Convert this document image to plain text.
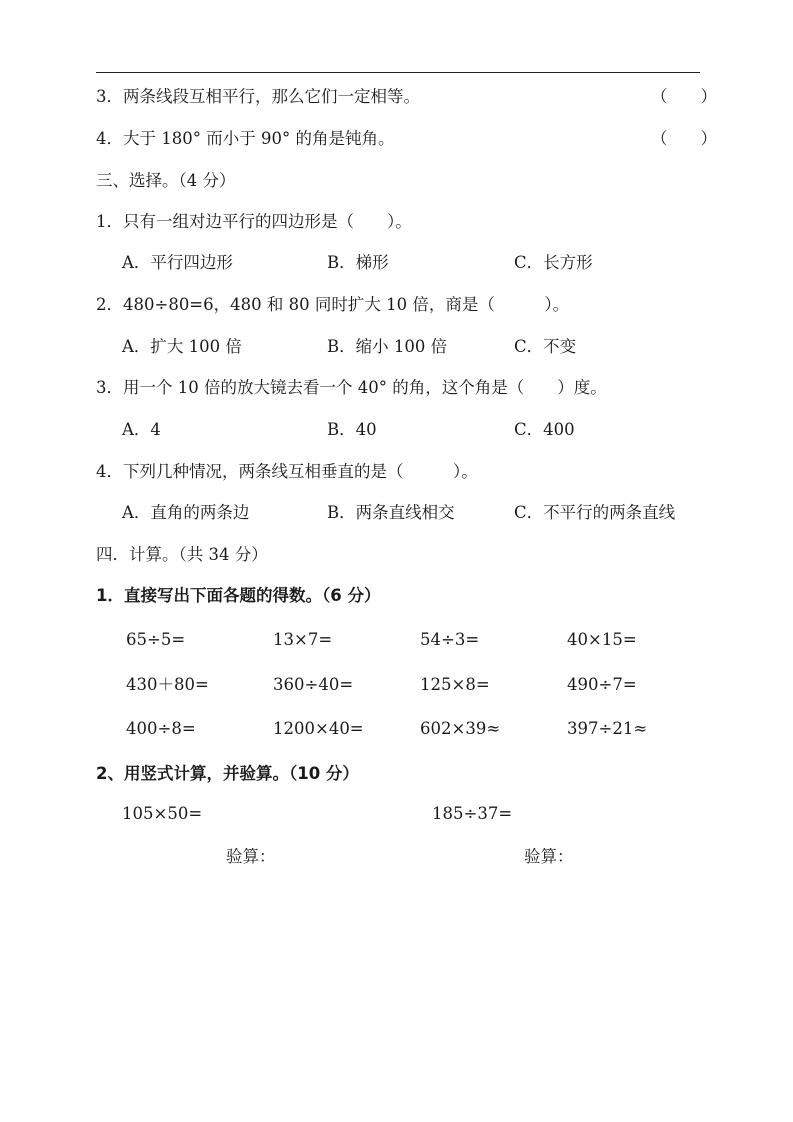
3．两条线段互相平行，那么它们一定相等。	（　　）
4．大于 180° 而小于 90° 的角是钝角。	（　　）
三、选择。（4 分）
1．只有一组对边平行的四边形是（　　）。
A．平行四边形	B．梯形	C．长方形
2．480÷80=6，480 和 80 同时扩大 10 倍，商是（　　　）。
A．扩大 100 倍	B．缩小 100 倍	C．不变
3．用一个 10 倍的放大镜去看一个 40° 的角，这个角是（　　）度。
A．4	B．40	C．400
4．下列几种情况，两条线互相垂直的是（　　　）。
A．直角的两条边	B．两条直线相交	C．不平行的两条直线
四．计算。（共 34 分）
1．直接写出下面各题的得数。（6 分）
65÷5=	13×7=	54÷3=	40×15=
430＋80=	360÷40=	125×8=	490÷7=
400÷8=	1200×40=	602×39≈	397÷21≈
2、用竖式计算，并验算。（10 分）
105×50=	185÷37=
验算：	验算：
